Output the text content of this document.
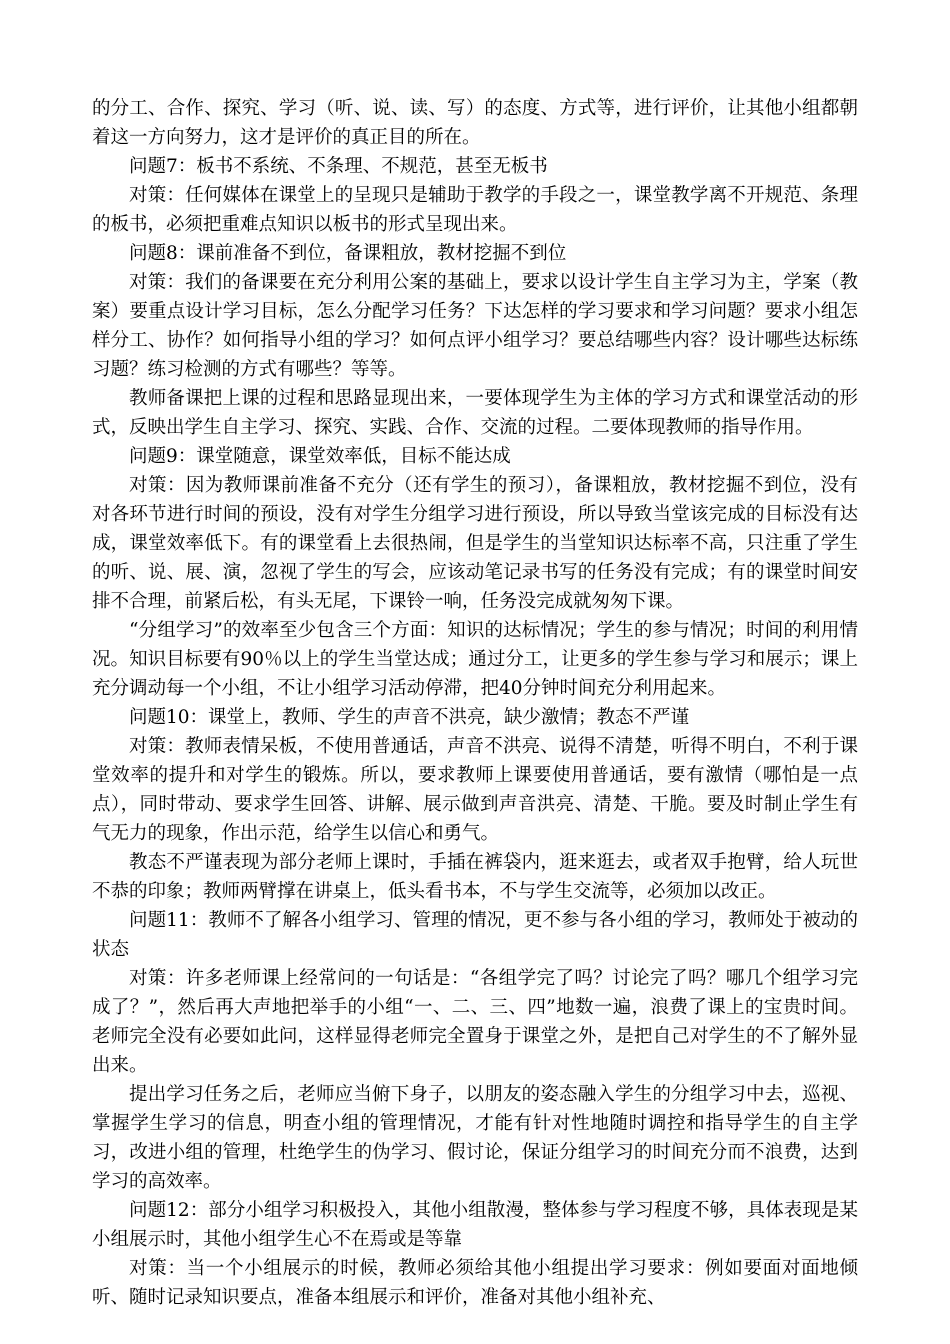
的分工、合作、探究、学习（听、说、读、写）的态度、方式等，进行评价，让其他小组都朝着这一方向努力，这才是评价的真正目的所在。

问题7：板书不系统、不条理、不规范，甚至无板书

对策：任何媒体在课堂上的呈现只是辅助于教学的手段之一，课堂教学离不开规范、条理的板书，必须把重难点知识以板书的形式呈现出来。

问题8：课前准备不到位，备课粗放，教材挖掘不到位

对策：我们的备课要在充分利用公案的基础上，要求以设计学生自主学习为主，学案（教案）要重点设计学习目标，怎么分配学习任务？下达怎样的学习要求和学习问题？要求小组怎样分工、协作？如何指导小组的学习？如何点评小组学习？要总结哪些内容？设计哪些达标练习题？练习检测的方式有哪些？等等。

教师备课把上课的过程和思路显现出来，一要体现学生为主体的学习方式和课堂活动的形式，反映出学生自主学习、探究、实践、合作、交流的过程。二要体现教师的指导作用。

问题9：课堂随意，课堂效率低，目标不能达成

对策：因为教师课前准备不充分（还有学生的预习），备课粗放，教材挖掘不到位，没有对各环节进行时间的预设，没有对学生分组学习进行预设，所以导致当堂该完成的目标没有达成，课堂效率低下。有的课堂看上去很热闹，但是学生的当堂知识达标率不高，只注重了学生的听、说、展、演，忽视了学生的写会，应该动笔记录书写的任务没有完成；有的课堂时间安排不合理，前紧后松，有头无尾，下课铃一响，任务没完成就匆匆下课。

“分组学习”的效率至少包含三个方面：知识的达标情况；学生的参与情况；时间的利用情况。知识目标要有90％以上的学生当堂达成；通过分工，让更多的学生参与学习和展示；课上充分调动每一个小组，不让小组学习活动停滞，把40分钟时间充分利用起来。

问题10：课堂上，教师、学生的声音不洪亮，缺少激情；教态不严谨

对策：教师表情呆板，不使用普通话，声音不洪亮、说得不清楚，听得不明白，不利于课堂效率的提升和对学生的锻炼。所以，要求教师上课要使用普通话，要有激情（哪怕是一点点），同时带动、要求学生回答、讲解、展示做到声音洪亮、清楚、干脆。要及时制止学生有气无力的现象，作出示范，给学生以信心和勇气。

教态不严谨表现为部分老师上课时，手插在裤袋内，逛来逛去，或者双手抱臂，给人玩世不恭的印象；教师两臂撑在讲桌上，低头看书本，不与学生交流等，必须加以改正。

问题11：教师不了解各小组学习、管理的情况，更不参与各小组的学习，教师处于被动的状态

对策：许多老师课上经常问的一句话是：“各组学完了吗？讨论完了吗？哪几个组学习完成了？”，然后再大声地把举手的小组“一、二、三、四”地数一遍，浪费了课上的宝贵时间。老师完全没有必要如此问，这样显得老师完全置身于课堂之外，是把自己对学生的不了解外显出来。

提出学习任务之后，老师应当俯下身子，以朋友的姿态融入学生的分组学习中去，巡视、掌握学生学习的信息，明查小组的管理情况，才能有针对性地随时调控和指导学生的自主学习，改进小组的管理，杜绝学生的伪学习、假讨论，保证分组学习的时间充分而不浪费，达到学习的高效率。

问题12：部分小组学习积极投入，其他小组散漫，整体参与学习程度不够，具体表现是某小组展示时，其他小组学生心不在焉或是等靠

对策：当一个小组展示的时候，教师必须给其他小组提出学习要求：例如要面对面地倾听、随时记录知识要点，准备本组展示和评价，准备对其他小组补充、
